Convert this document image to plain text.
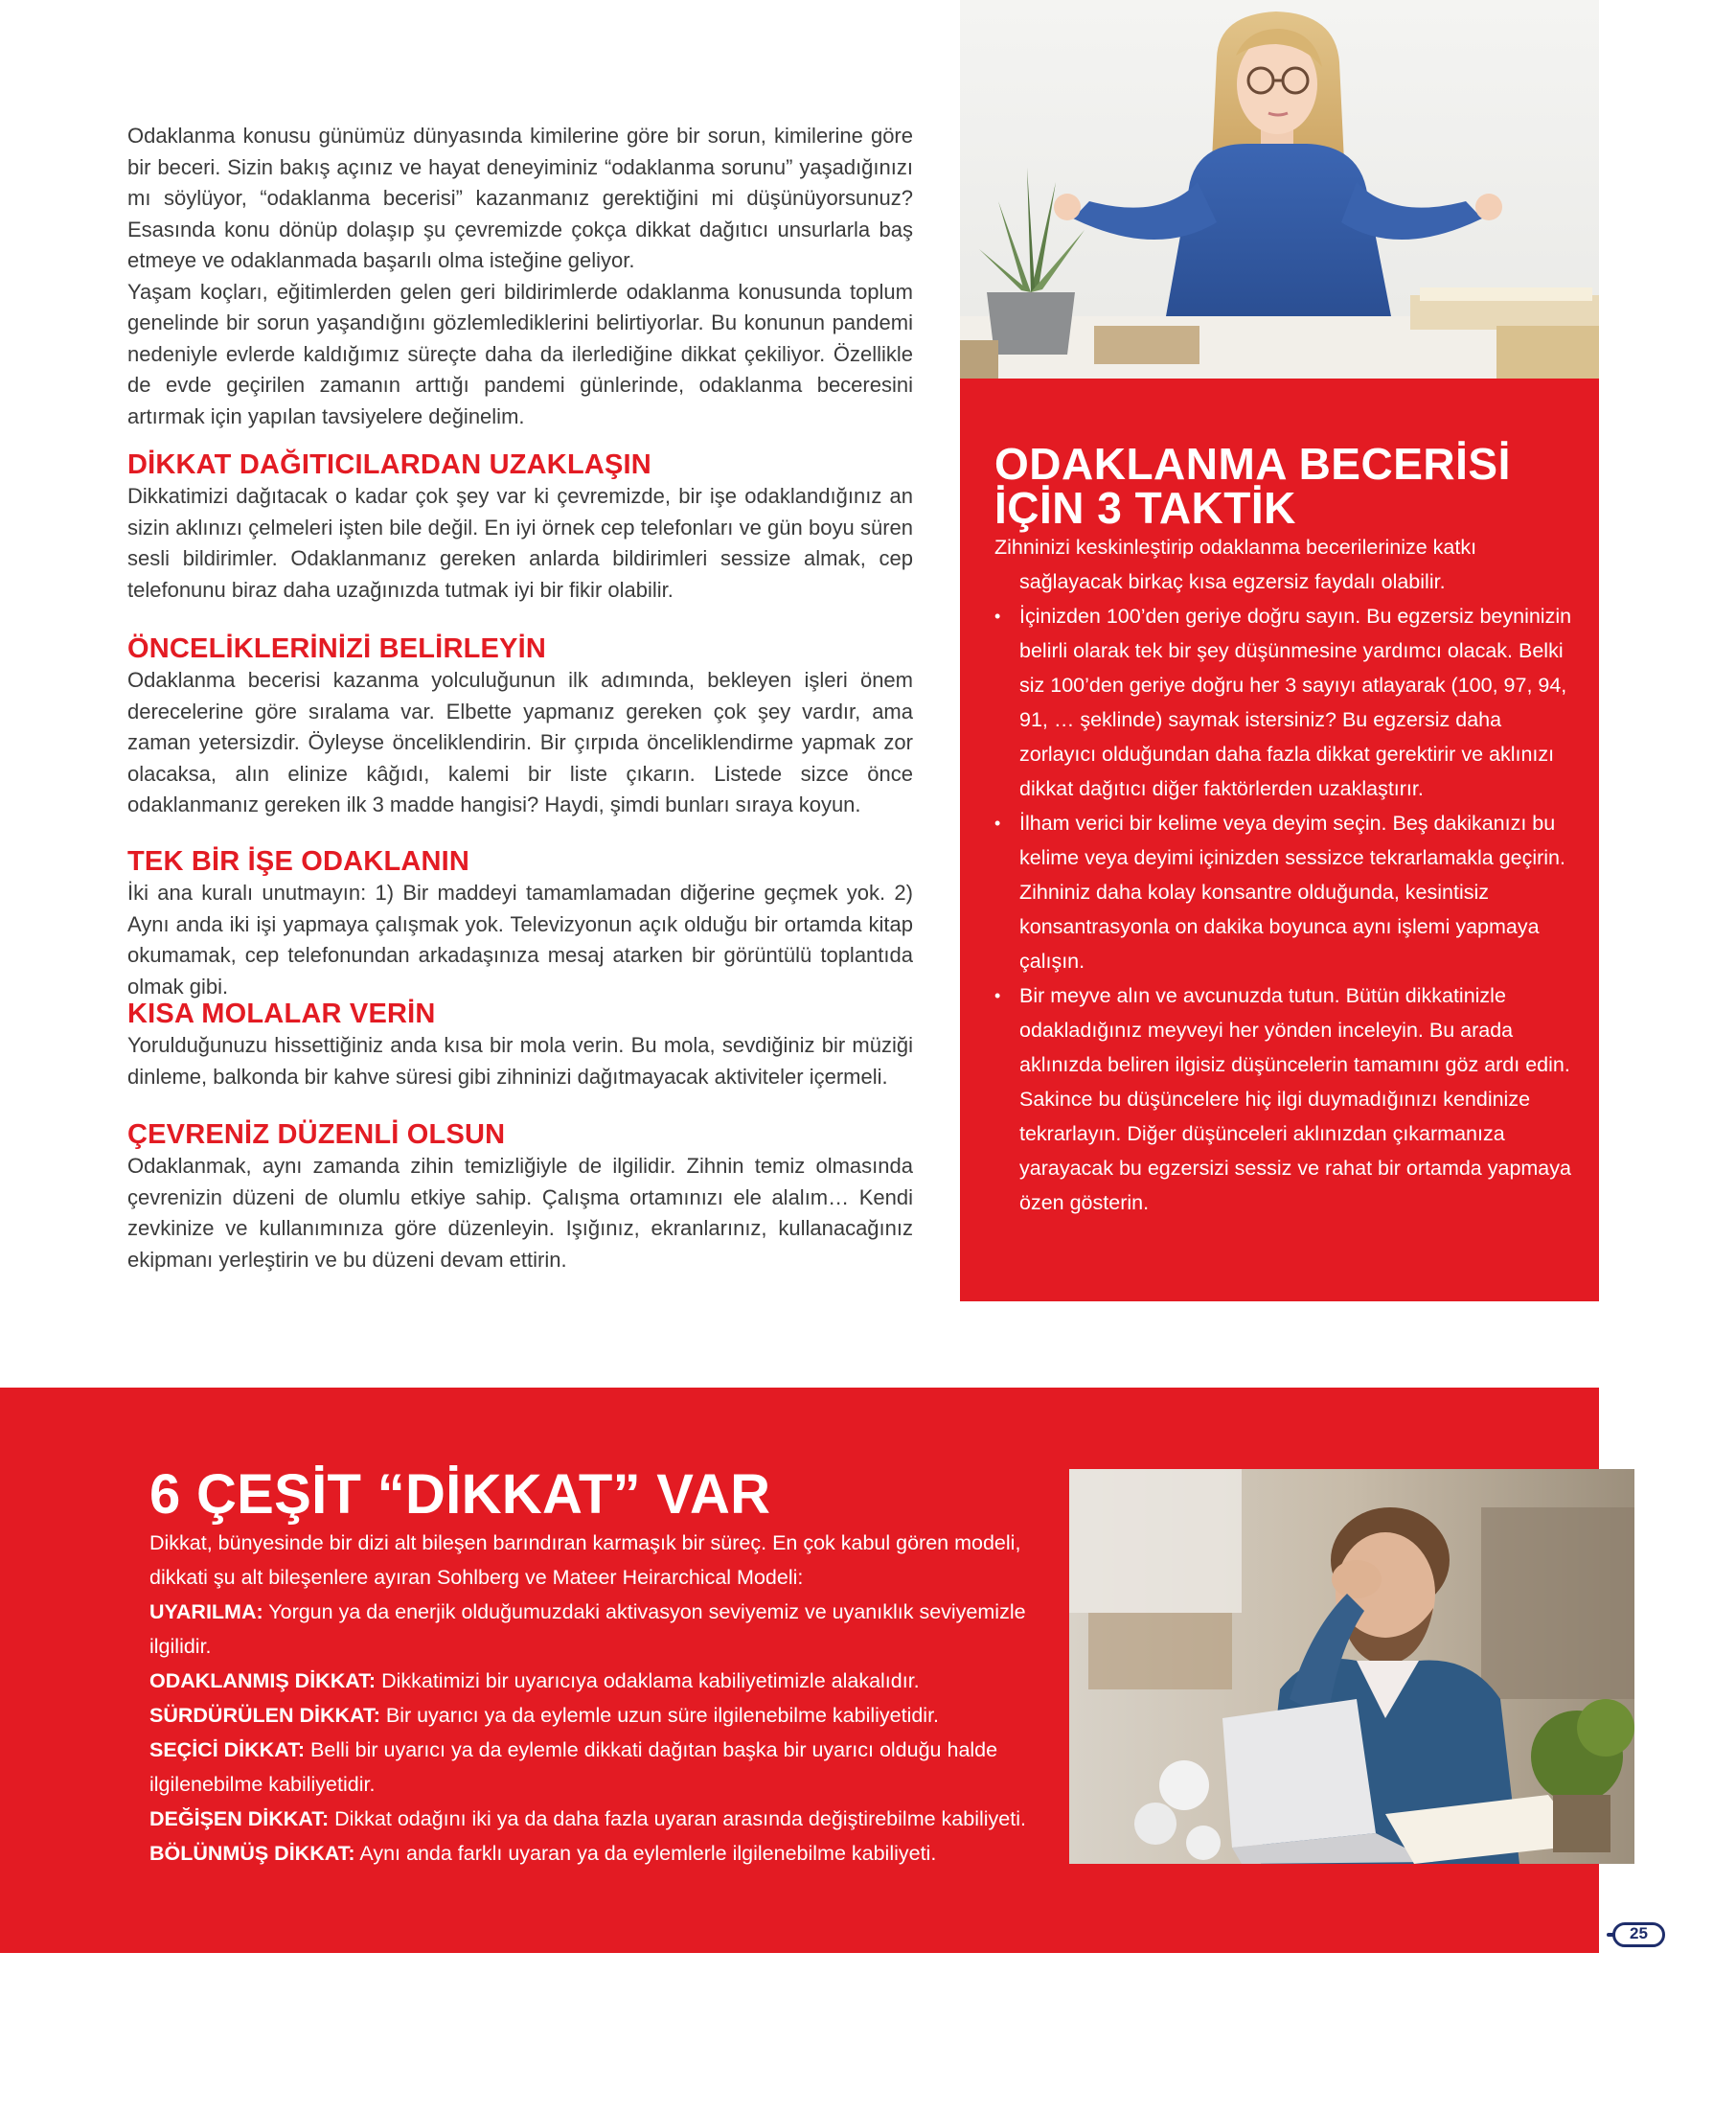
Odaklanma konusu günümüz dünyasında kimilerine göre bir sorun, kimilerine göre bir beceri. Sizin bakış açınız ve hayat deneyiminiz “odaklanma sorunu” yaşadığınızı mı söylüyor, “odaklanma becerisi” kazanmanız gerektiğini mi düşünüyorsunuz? Esasında konu dönüp dolaşıp şu çevremizde çokça dikkat dağıtıcı unsurlarla baş etmeye ve odaklanmada başarılı olma isteğine geliyor.

Yaşam koçları, eğitimlerden gelen geri bildirimlerde odaklanma konusunda toplum genelinde bir sorun yaşandığını gözlemlediklerini belirtiyorlar. Bu konunun pandemi nedeniyle evlerde kaldığımız süreçte daha da ilerlediğine dikkat çekiliyor. Özellikle de evde geçirilen zamanın arttığı pandemi günlerinde, odaklanma beceresini artırmak için yapılan tavsiyelere değinelim.

DİKKAT DAĞITICILARDAN UZAKLAŞIN

Dikkatimizi dağıtacak o kadar çok şey var ki çevremizde, bir işe odaklandığınız an sizin aklınızı çelmeleri işten bile değil. En iyi örnek cep telefonları ve gün boyu süren sesli bildirimler. Odaklanmanız gereken anlarda bildirimleri sessize almak, cep telefonunu biraz daha uzağınızda tutmak iyi bir fikir olabilir.

ÖNCELİKLERİNİZİ BELİRLEYİN

Odaklanma becerisi kazanma yolculuğunun ilk adımında, bekleyen işleri önem derecelerine göre sıralama var. Elbette yapmanız gereken çok şey vardır, ama zaman yetersizdir. Öyleyse önceliklendirin. Bir çırpıda önceliklendirme yapmak zor olacaksa, alın elinize kâğıdı, kalemi bir liste çıkarın. Listede sizce önce odaklanmanız gereken ilk 3 madde hangisi? Haydi, şimdi bunları sıraya koyun.

TEK BİR İŞE ODAKLANIN

İki ana kuralı unutmayın: 1) Bir maddeyi tamamlamadan diğerine geçmek yok. 2) Aynı anda iki işi yapmaya çalışmak yok. Televizyonun açık olduğu bir ortamda kitap okumamak, cep telefonundan arkadaşınıza mesaj atarken bir görüntülü toplantıda olmak gibi.

KISA MOLALAR VERİN

Yorulduğunuzu hissettiğiniz anda kısa bir mola verin. Bu mola, sevdiğiniz bir müziği dinleme, balkonda bir kahve süresi gibi zihninizi dağıtmayacak aktiviteler içermeli.

ÇEVRENİZ DÜZENLİ OLSUN

Odaklanmak, aynı zamanda zihin temizliğiyle de ilgilidir. Zihnin temiz olmasında çevrenizin düzeni de olumlu etkiye sahip. Çalışma ortamınızı ele alalım… Kendi zevkinize ve kullanımınıza göre düzenleyin. Işığınız, ekranlarınız, kullanacağınız ekipmanı yerleştirin ve bu düzeni devam ettirin.

ODAKLANMA BECERİSİ
İÇİN 3 TAKTİK
Zihninizi keskinleştirip odaklanma becerilerinize katkı
sağlayacak birkaç kısa egzersiz faydalı olabilir.
• İçinizden 100’den geriye doğru sayın. Bu egzersiz beyninizin belirli olarak tek bir şey düşünmesine yardımcı olacak. Belki siz 100’den geriye doğru her 3 sayıyı atlayarak (100, 97, 94, 91, … şeklinde) saymak istersiniz? Bu egzersiz daha zorlayıcı olduğundan daha fazla dikkat gerektirir ve aklınızı dikkat dağıtıcı diğer faktörlerden uzaklaştırır.
• İlham verici bir kelime veya deyim seçin. Beş dakikanızı bu kelime veya deyimi içinizden sessizce tekrarlamakla geçirin. Zihniniz daha kolay konsantre olduğunda, kesintisiz konsantrasyonla on dakika boyunca aynı işlemi yapmaya çalışın.
• Bir meyve alın ve avcunuzda tutun. Bütün dikkatinizle odakladığınız meyveyi her yönden inceleyin. Bu arada aklınızda beliren ilgisiz düşüncelerin tamamını göz ardı edin. Sakince bu düşüncelere hiç ilgi duymadığınızı kendinize tekrarlayın. Diğer düşünceleri aklınızdan çıkarmanıza yarayacak bu egzersizi sessiz ve rahat bir ortamda yapmaya özen gösterin.
6 ÇEŞİT “DİKKAT” VAR
Dikkat, bünyesinde bir dizi alt bileşen barındıran karmaşık bir süreç. En çok kabul gören modeli, dikkati şu alt bileşenlere ayıran Sohlberg ve Mateer Heirarchical Modeli:
UYARILMA: Yorgun ya da enerjik olduğumuzdaki aktivasyon seviyemiz ve uyanıklık seviyemizle ilgilidir.
ODAKLANMIŞ DİKKAT: Dikkatimizi bir uyarıcıya odaklama kabiliyetimizle alakalıdır.
SÜRDÜRÜLEN DİKKAT: Bir uyarıcı ya da eylemle uzun süre ilgilenebilme kabiliyetidir.
SEÇİCİ DİKKAT: Belli bir uyarıcı ya da eylemle dikkati dağıtan başka bir uyarıcı olduğu halde ilgilenebilme kabiliyetidir.
DEĞİŞEN DİKKAT: Dikkat odağını iki ya da daha fazla uyaran arasında değiştirebilme kabiliyeti.
BÖLÜNMÜŞ DİKKAT: Aynı anda farklı uyaran ya da eylemlerle ilgilenebilme kabiliyeti.
25
